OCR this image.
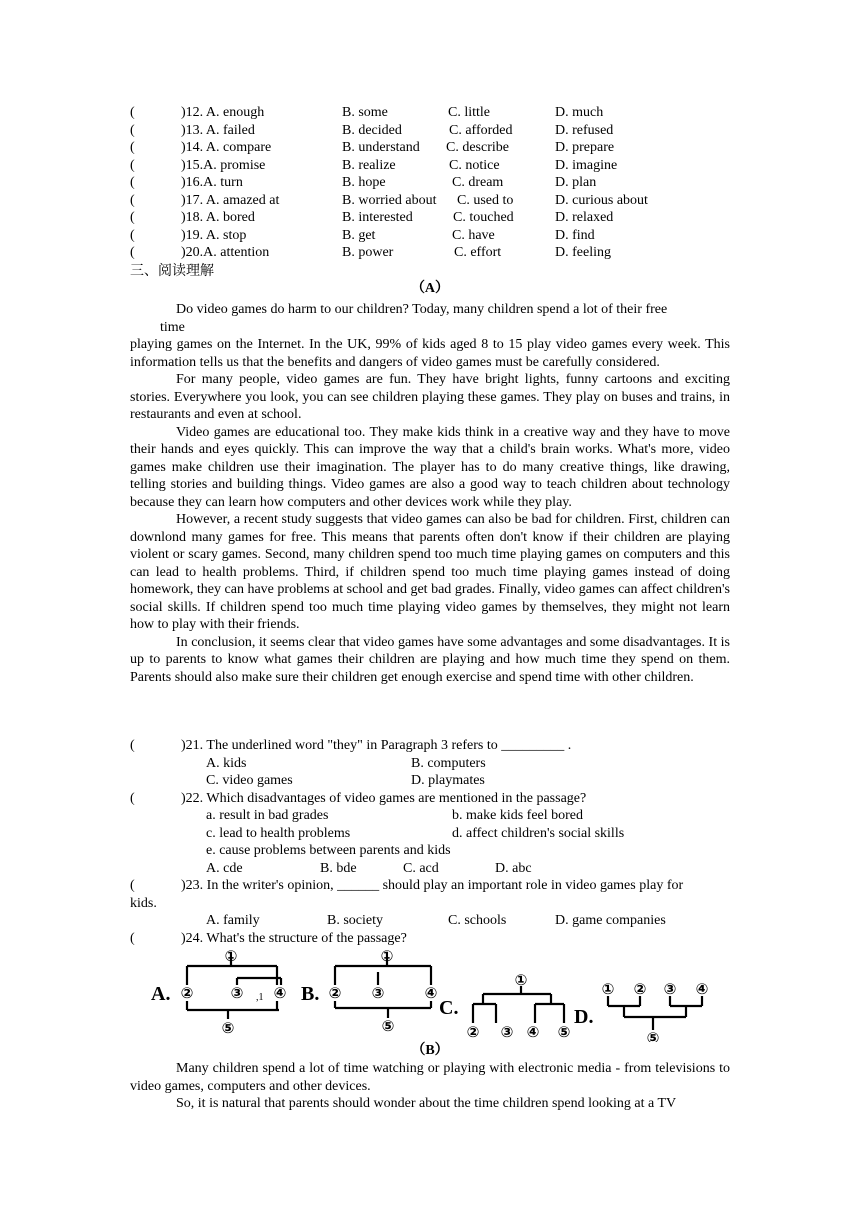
(	)12. A. enough	B. some	C. little	D. much
(	)13. A. failed	B. decided	C. afforded	D. refused
(	)14. A. compare	B. understand C. describe	D. prepare
(	)15.A. promise	B. realize	C. notice	D. imagine
(	)16.A. turn	B. hope	C. dream	D. plan
(	)17. A. amazed at	B. worried about C. used to	D. curious about
(	)18. A. bored	B. interested	C. touched	D. relaxed
(	)19. A. stop	B. get	C. have	D. find
(	)20.A. attention	B. power	C. effort	D. feeling
三、阅读理解
（A）

Do video games do harm to our children? Today, many children spend a lot of their free

time

playing games on the Internet. In the UK, 99% of kids aged 8 to 15 play video games every week. This information tells us that the benefits and dangers of video games must be carefully considered.

For many people, video games are fun. They have bright lights, funny cartoons and exciting stories. Everywhere you look, you can see children playing these games. They play on buses and trains, in restaurants and even at school.

Video games are educational too. They make kids think in a creative way and they have to move their hands and eyes quickly. This can improve the way that a child's brain works. What's more, video games make children use their imagination. The player has to do many creative things, like drawing, telling stories and building things. Video games are also a good way to teach children about technology because they can learn how computers and other devices work while they play.

However, a recent study suggests that video games can also be bad for children. First, children can downlond many games for free. This means that parents often don't know if their children are playing violent or scary games. Second, many children spend too much time playing games on computers and this can lead to health problems. Third, if children spend too much time playing games instead of doing homework, they can have problems at school and get bad grades. Finally, video games can affect children's social skills. If children spend too much time playing video games by themselves, they might not learn how to play with their friends.

In conclusion, it seems clear that video games have some advantages and some disadvantages. It is up to parents to know what games their children are playing and how much time they spend on them. Parents should also make sure their children get enough exercise and spend time with other children.

(	)21. The underlined word "they" in Paragraph 3 refers to _________ .
A. kids	B. computers
C. video games	D. playmates
(	)22. Which disadvantages of video games are mentioned in the passage?
a. result in bad grades	b. make kids feel bored
c. lead to health problems	d. affect children's social skills
e. cause problems between parents and kids
A. cde	B. bde	C. acd	D. abc
(	)23. In the writer's opinion, ______ should play an important role in video games play for
kids.
A. family	B. society	C. schools	D. game companies
(	)24. What's the structure of the passage?
A.	B.
C.	D.
①
② ③ ④
⑤
①
② ③	④
⑤
①
② ③ ④ ⑤
① ② ③ ④
⑤
,1
（B）

Many children spend a lot of time watching or playing with electronic media - from televisions to video games, computers and other devices.

So, it is natural that parents should wonder about the time children spend looking at a TV
